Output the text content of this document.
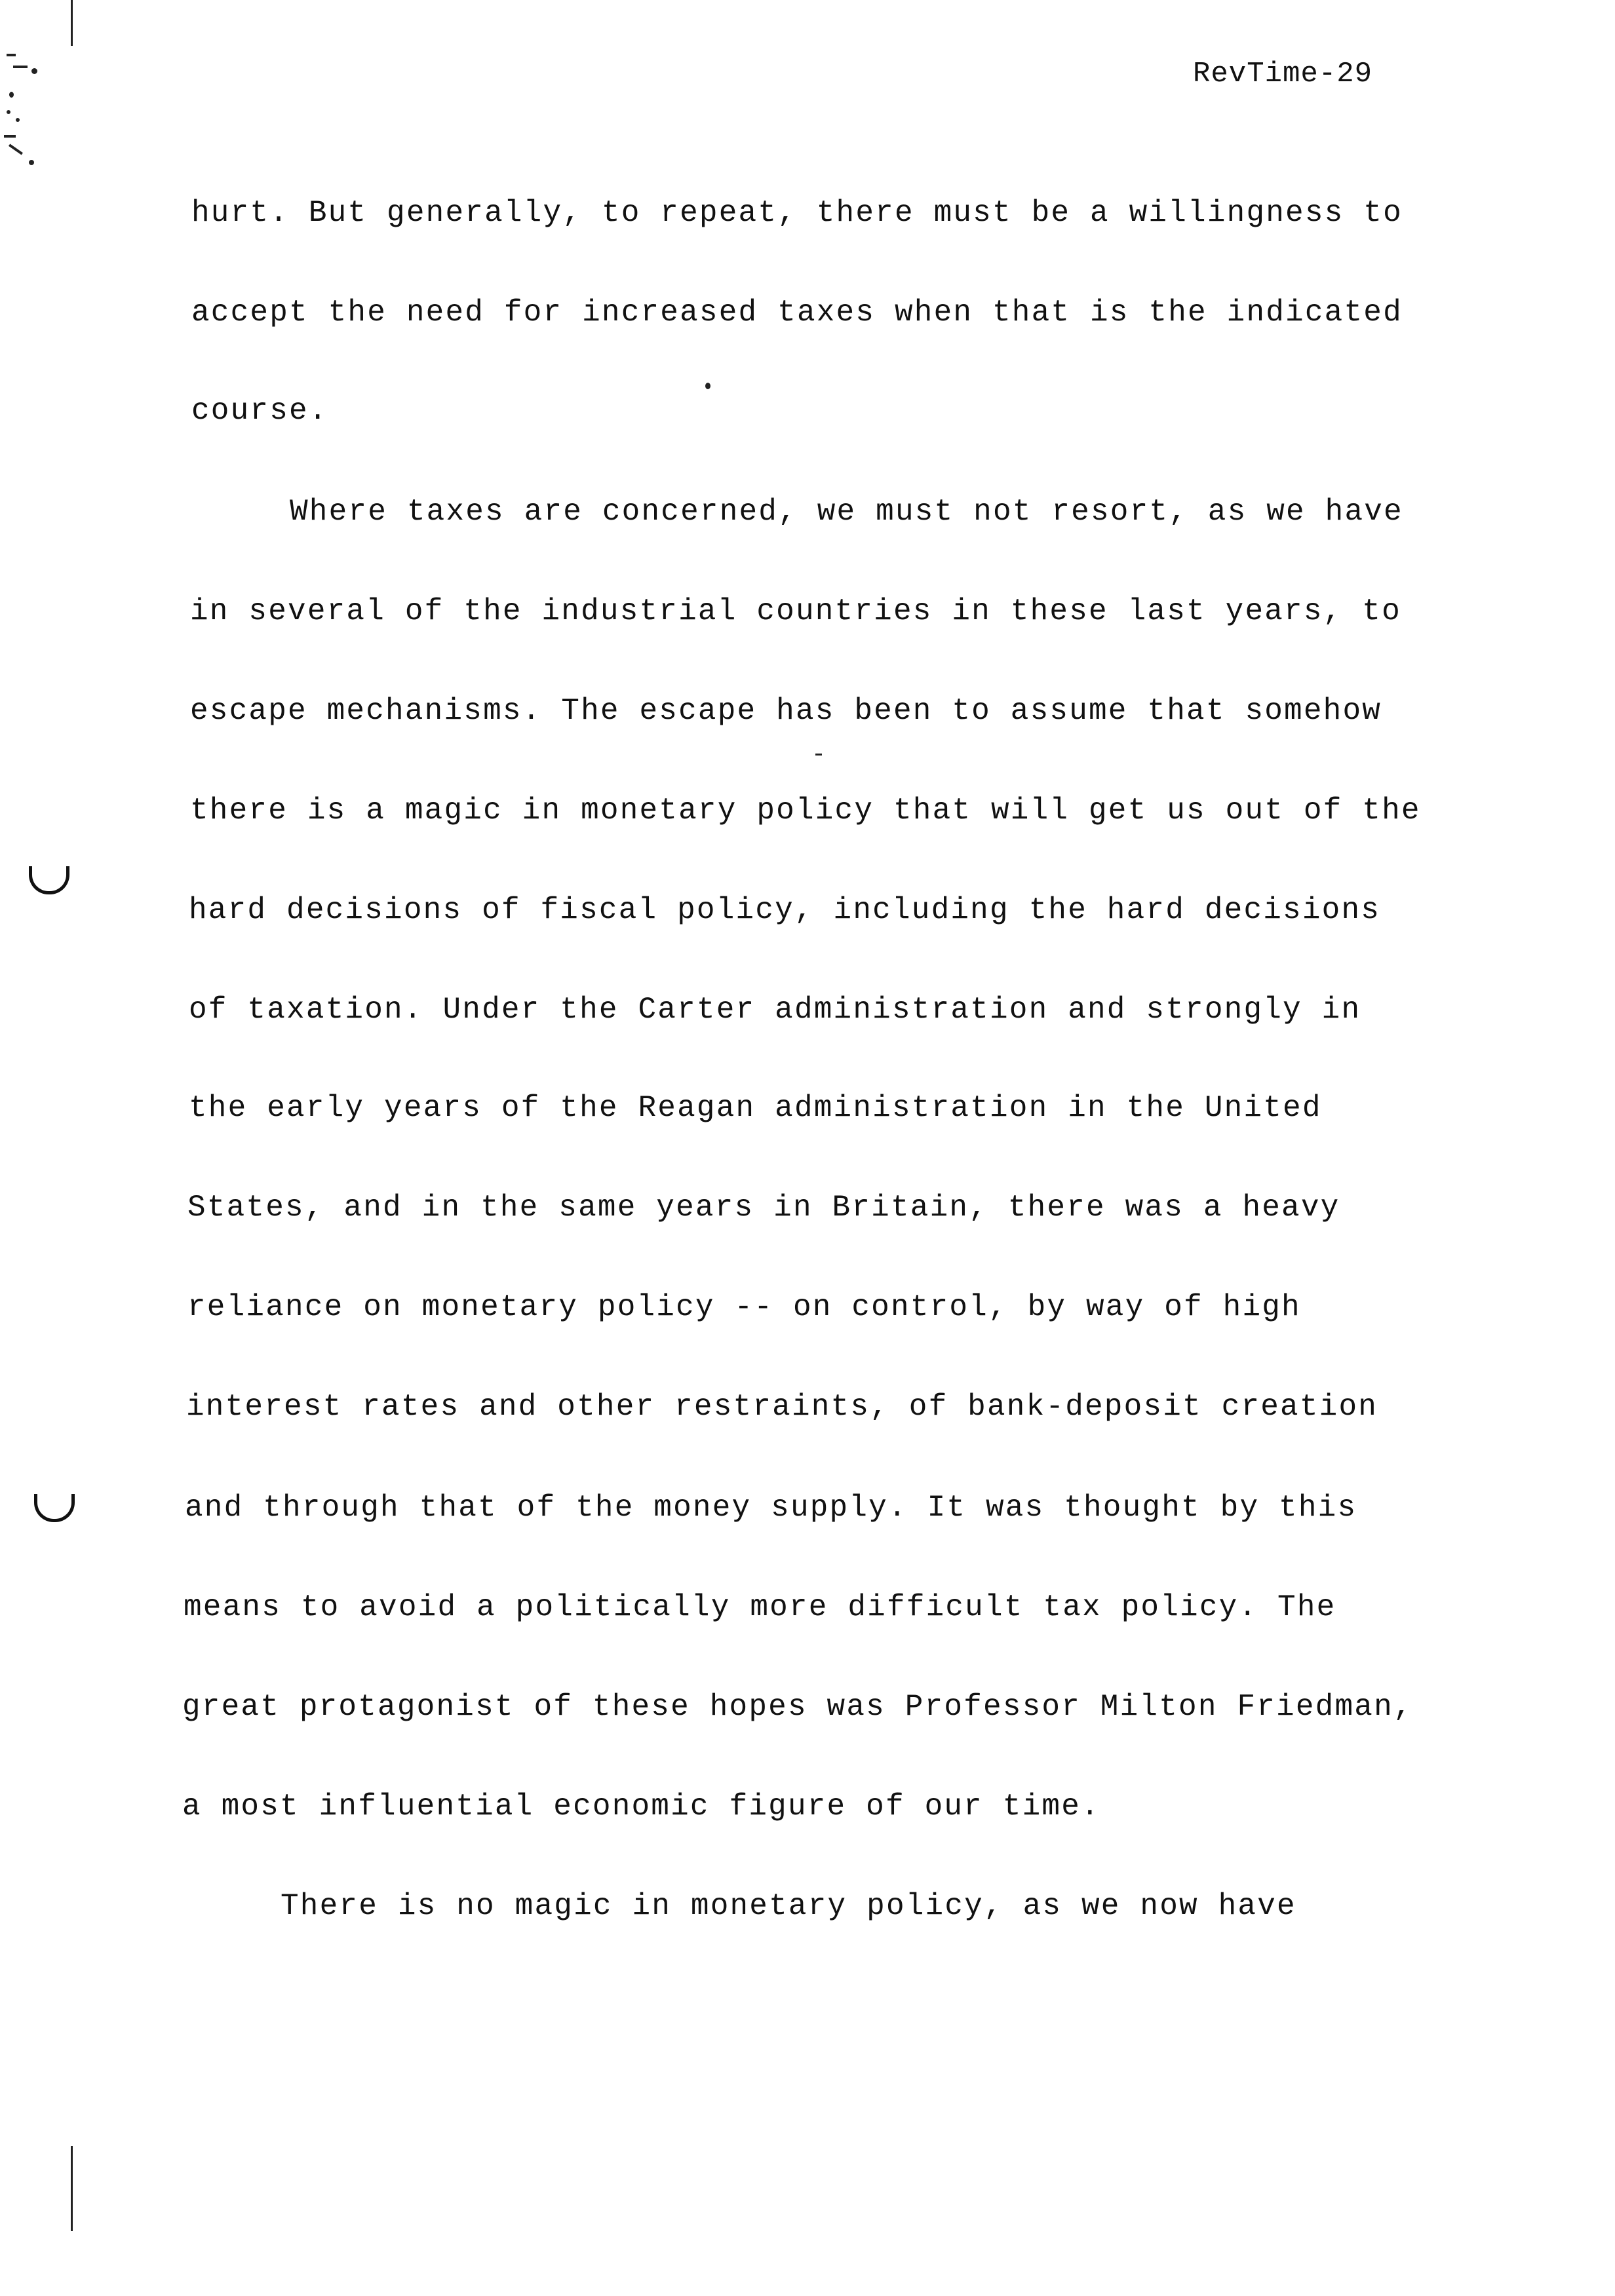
RevTime-29
hurt. But generally, to repeat, there must be a willingness to
accept the need for increased taxes when that is the indicated
course.
Where taxes are concerned, we must not resort, as we have
in several of the industrial countries in these last years, to
escape mechanisms. The escape has been to assume that somehow
there is a magic in monetary policy that will get us out of the
hard decisions of fiscal policy, including the hard decisions
of taxation. Under the Carter administration and strongly in
the early years of the Reagan administration in the United
States, and in the same years in Britain, there was a heavy
reliance on monetary policy -- on control, by way of high
interest rates and other restraints, of bank-deposit creation
and through that of the money supply. It was thought by this
means to avoid a politically more difficult tax policy. The
great protagonist of these hopes was Professor Milton Friedman,
a most influential economic figure of our time.
There is no magic in monetary policy, as we now have
